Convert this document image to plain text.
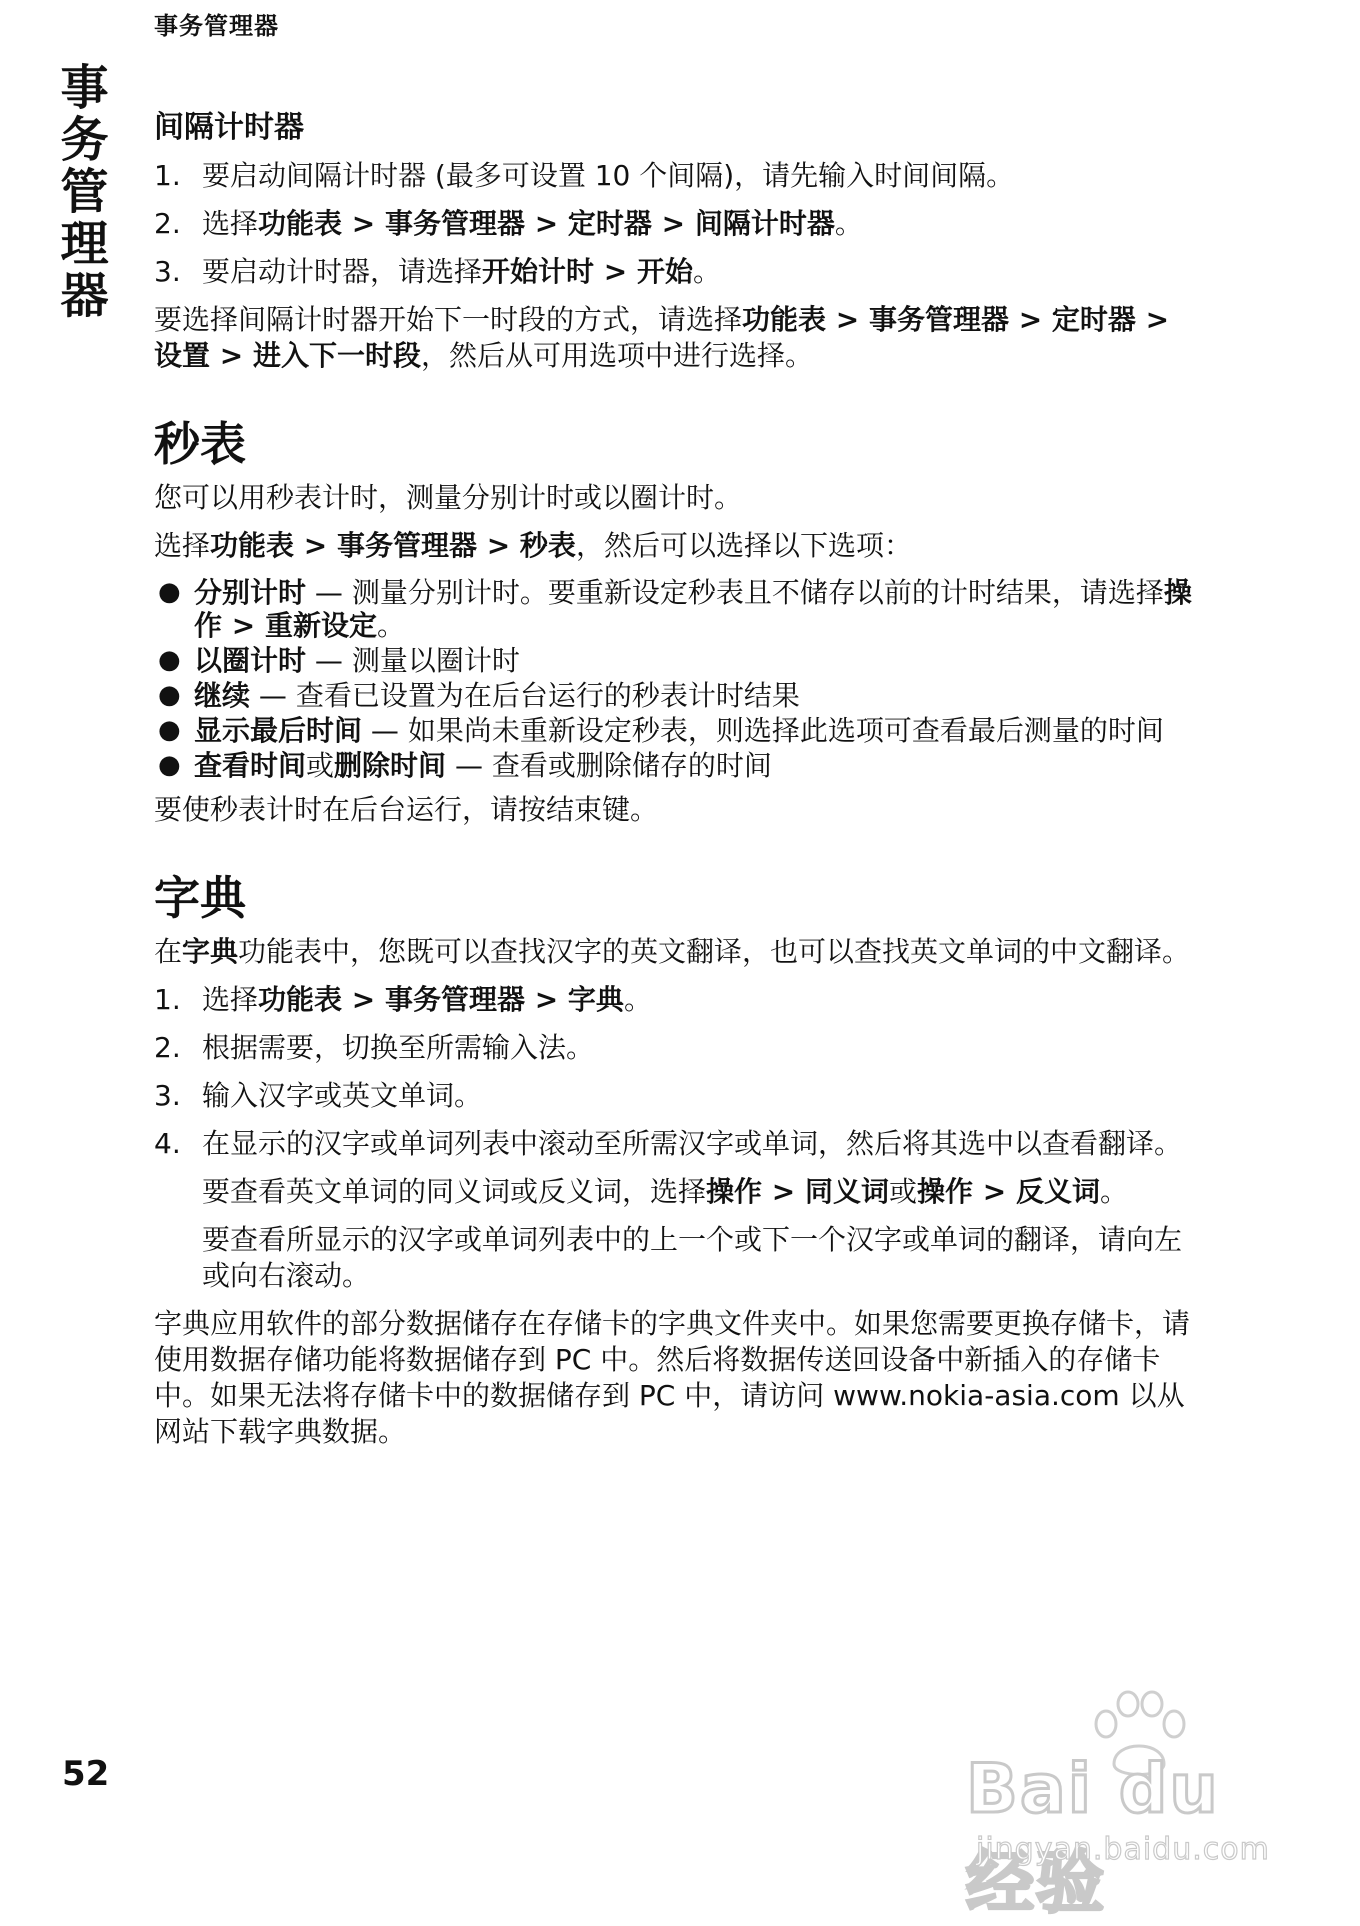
事务管理器
事务管理器
52
间隔计时器
1. 要启动间隔计时器 (最多可设置 10 个间隔)，请先输入时间间隔。
2. 选择功能表 > 事务管理器 > 定时器 > 间隔计时器。
3. 要启动计时器，请选择开始计时 > 开始。

要选择间隔计时器开始下一时段的方式，请选择功能表 > 事务管理器 > 定时器 > 设置 > 进入下一时段，然后从可用选项中进行选择。

秒表

您可以用秒表计时，测量分别计时或以圈计时。

选择功能表 > 事务管理器 > 秒表，然后可以选择以下选项：

● 分别计时 — 测量分别计时。要重新设定秒表且不储存以前的计时结果，请选择操作 > 重新设定。
● 以圈计时 — 测量以圈计时
● 继续 — 查看已设置为在后台运行的秒表计时结果
● 显示最后时间 — 如果尚未重新设定秒表，则选择此选项可查看最后测量的时间
● 查看时间或删除时间 — 查看或删除储存的时间

要使秒表计时在后台运行，请按结束键。

字典

在字典功能表中，您既可以查找汉字的英文翻译，也可以查找英文单词的中文翻译。

1. 选择功能表 > 事务管理器 > 字典。
2. 根据需要，切换至所需输入法。
3. 输入汉字或英文单词。
4. 在显示的汉字或单词列表中滚动至所需汉字或单词，然后将其选中以查看翻译。

要查看英文单词的同义词或反义词，选择操作 > 同义词或操作 > 反义词。

要查看所显示的汉字或单词列表中的上一个或下一个汉字或单词的翻译，请向左或向右滚动。

字典应用软件的部分数据储存在存储卡的字典文件夹中。如果您需要更换存储卡，请使用数据存储功能将数据储存到 PC 中。然后将数据传送回设备中新插入的存储卡中。如果无法将存储卡中的数据储存到 PC 中，请访问 www.nokia-asia.com 以从网站下载字典数据。

Bai du 经验
jingyan.baidu.com
